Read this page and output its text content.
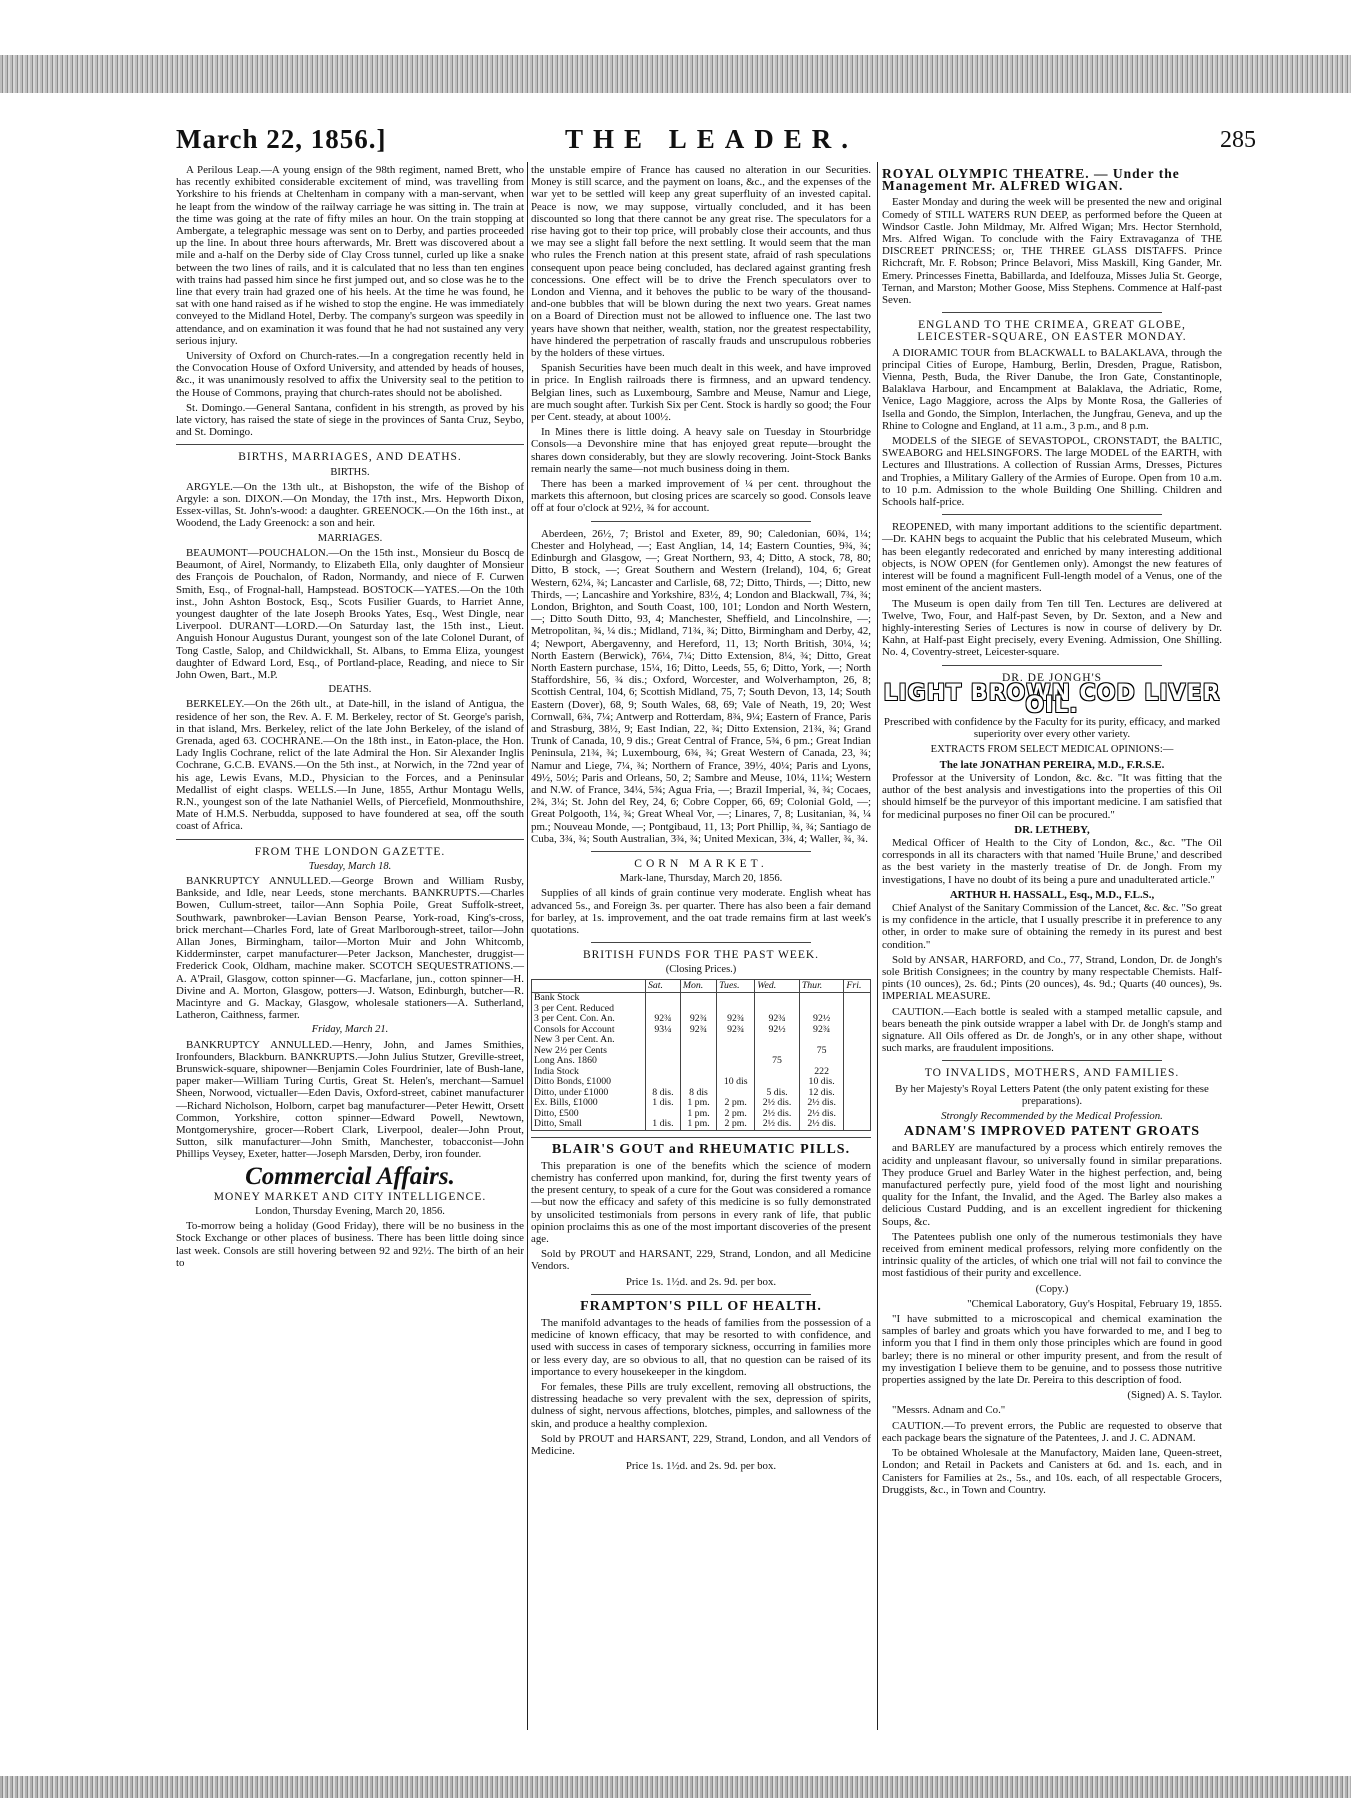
March 22, 1856.]	THE LEADER.	285

A Perilous Leap.—A young ensign of the 98th regiment, named Brett, who has recently exhibited considerable excitement of mind, was travelling from Yorkshire to his friends at Cheltenham in company with a man-servant, when he leapt from the window of the railway carriage he was sitting in. The train at the time was going at the rate of fifty miles an hour. On the train stopping at Ambergate, a telegraphic message was sent on to Derby, and parties proceeded up the line. In about three hours afterwards, Mr. Brett was discovered about a mile and a-half on the Derby side of Clay Cross tunnel, curled up like a snake between the two lines of rails, and it is calculated that no less than ten engines with trains had passed him since he first jumped out, and so close was he to the line that every train had grazed one of his heels. At the time he was found, he sat with one hand raised as if he wished to stop the engine. He was immediately conveyed to the Midland Hotel, Derby. The company's surgeon was speedily in attendance, and on examination it was found that he had not sustained any very serious injury.

University of Oxford on Church-rates.—In a congregation recently held in the Convocation House of Oxford University, and attended by heads of houses, &c., it was unanimously resolved to affix the University seal to the petition to the House of Commons, praying that church-rates should not be abolished.

St. Domingo.—General Santana, confident in his strength, as proved by his late victory, has raised the state of siege in the provinces of Santa Cruz, Seybo, and St. Domingo.

BIRTHS, MARRIAGES, AND DEATHS.
BIRTHS.

ARGYLE.—On the 13th ult., at Bishopston, the wife of the Bishop of Argyle: a son. DIXON.—On Monday, the 17th inst., Mrs. Hepworth Dixon, Essex-villas, St. John's-wood: a daughter. GREENOCK.—On the 16th inst., at Woodend, the Lady Greenock: a son and heir.

MARRIAGES.

BEAUMONT—POUCHALON.—On the 15th inst., Monsieur du Boscq de Beaumont, of Airel, Normandy, to Elizabeth Ella, only daughter of Monsieur des François de Pouchalon, of Radon, Normandy, and niece of F. Curwen Smith, Esq., of Frognal-hall, Hampstead. BOSTOCK—YATES.—On the 10th inst., John Ashton Bostock, Esq., Scots Fusilier Guards, to Harriet Anne, youngest daughter of the late Joseph Brooks Yates, Esq., West Dingle, near Liverpool. DURANT—LORD.—On Saturday last, the 15th inst., Lieut. Anguish Honour Augustus Durant, youngest son of the late Colonel Durant, of Tong Castle, Salop, and Childwickhall, St. Albans, to Emma Eliza, youngest daughter of Edward Lord, Esq., of Portland-place, Reading, and niece to Sir John Owen, Bart., M.P.

DEATHS.

BERKELEY.—On the 26th ult., at Date-hill, in the island of Antigua, the residence of her son, the Rev. A. F. M. Berkeley, rector of St. George's parish, in that island, Mrs. Berkeley, relict of the late John Berkeley, of the island of Grenada, aged 63. COCHRANE.—On the 18th inst., in Eaton-place, the Hon. Lady Inglis Cochrane, relict of the late Admiral the Hon. Sir Alexander Inglis Cochrane, G.C.B. EVANS.—On the 5th inst., at Norwich, in the 72nd year of his age, Lewis Evans, M.D., Physician to the Forces, and a Peninsular Medallist of eight clasps. WELLS.—In June, 1855, Arthur Montagu Wells, R.N., youngest son of the late Nathaniel Wells, of Piercefield, Monmouthshire, Mate of H.M.S. Nerbudda, supposed to have foundered at sea, off the south coast of Africa.

FROM THE LONDON GAZETTE.
Tuesday, March 18.

BANKRUPTCY ANNULLED.—George Brown and William Rusby, Bankside, and Idle, near Leeds, stone merchants. BANKRUPTS.—Charles Bowen, Cullum-street, tailor—Ann Sophia Poile, Great Suffolk-street, Southwark, pawnbroker—Lavian Benson Pearse, York-road, King's-cross, brick merchant—Charles Ford, late of Great Marlborough-street, tailor—John Allan Jones, Birmingham, tailor—Morton Muir and John Whitcomb, Kidderminster, carpet manufacturer—Peter Jackson, Manchester, druggist—Frederick Cook, Oldham, machine maker. SCOTCH SEQUESTRATIONS.—A. A'Prail, Glasgow, cotton spinner—G. Macfarlane, jun., cotton spinner—H. Divine and A. Morton, Glasgow, potters—J. Watson, Edinburgh, butcher—R. Macintyre and G. Mackay, Glasgow, wholesale stationers—A. Sutherland, Latheron, Caithness, farmer.

Friday, March 21.

BANKRUPTCY ANNULLED.—Henry, John, and James Smithies, Ironfounders, Blackburn. BANKRUPTS.—John Julius Stutzer, Greville-street, Brunswick-square, shipowner—Benjamin Coles Fourdrinier, late of Bush-lane, paper maker—William Turing Curtis, Great St. Helen's, merchant—Samuel Sheen, Norwood, victualler—Eden Davis, Oxford-street, cabinet manufacturer—Richard Nicholson, Holborn, carpet bag manufacturer—Peter Hewitt, Orsett Common, Yorkshire, cotton spinner—Edward Powell, Newtown, Montgomeryshire, grocer—Robert Clark, Liverpool, dealer—John Prout, Sutton, silk manufacturer—John Smith, Manchester, tobacconist—John Phillips Veysey, Exeter, hatter—Joseph Marsden, Derby, iron founder.

Commercial Affairs.
MONEY MARKET AND CITY INTELLIGENCE.
London, Thursday Evening, March 20, 1856.

To-morrow being a holiday (Good Friday), there will be no business in the Stock Exchange or other places of business. There has been little doing since last week. Consols are still hovering between 92 and 92½. The birth of an heir to

the unstable empire of France has caused no alteration in our Securities. Money is still scarce, and the payment on loans, &c., and the expenses of the war yet to be settled will keep any great superfluity of an invested capital. Peace is now, we may suppose, virtually concluded, and it has been discounted so long that there cannot be any great rise. The speculators for a rise having got to their top price, will probably close their accounts, and thus we may see a slight fall before the next settling. It would seem that the man who rules the French nation at this present state, afraid of rash speculations consequent upon peace being concluded, has declared against granting fresh concessions. One effect will be to drive the French speculators over to London and Vienna, and it behoves the public to be wary of the thousand-and-one bubbles that will be blown during the next two years. Great names on a Board of Direction must not be allowed to influence one. The last two years have shown that neither, wealth, station, nor the greatest respectability, have hindered the perpetration of rascally frauds and unscrupulous robberies by the holders of these virtues.

Spanish Securities have been much dealt in this week, and have improved in price. In English railroads there is firmness, and an upward tendency. Belgian lines, such as Luxembourg, Sambre and Meuse, Namur and Liege, are much sought after. Turkish Six per Cent. Stock is hardly so good; the Four per Cent. steady, at about 100½.

In Mines there is little doing. A heavy sale on Tuesday in Stourbridge Consols—a Devonshire mine that has enjoyed great repute—brought the shares down considerably, but they are slowly recovering. Joint-Stock Banks remain nearly the same—not much business doing in them.

There has been a marked improvement of ¼ per cent. throughout the markets this afternoon, but closing prices are scarcely so good. Consols leave off at four o'clock at 92½, ¾ for account.

Aberdeen, 26½, 7; Bristol and Exeter, 89, 90; Caledonian, 60¾, 1¼; Chester and Holyhead, —; East Anglian, 14, 14; Eastern Counties, 9¾, ¾; Edinburgh and Glasgow, —; Great Northern, 93, 4; Ditto, A stock, 78, 80; Ditto, B stock, —; Great Southern and Western (Ireland), 104, 6; Great Western, 62¼, ¾; Lancaster and Carlisle, 68, 72; Ditto, Thirds, —; Ditto, new Thirds, —; Lancashire and Yorkshire, 83½, 4; London and Blackwall, 7¾, ¾; London, Brighton, and South Coast, 100, 101; London and North Western, —; Ditto South Ditto, 93, 4; Manchester, Sheffield, and Lincolnshire, —; Metropolitan, ¾, ¼ dis.; Midland, 71¾, ¾; Ditto, Birmingham and Derby, 42, 4; Newport, Abergavenny, and Hereford, 11, 13; North British, 30¼, ¼; North Eastern (Berwick), 76¼, 7¼; Ditto Extension, 8¼, ¾; Ditto, Great North Eastern purchase, 15¼, 16; Ditto, Leeds, 55, 6; Ditto, York, —; North Staffordshire, 56, ¾ dis.; Oxford, Worcester, and Wolverhampton, 26, 8; Scottish Central, 104, 6; Scottish Midland, 75, 7; South Devon, 13, 14; South Eastern (Dover), 68, 9; South Wales, 68, 69; Vale of Neath, 19, 20; West Cornwall, 6¾, 7¼; Antwerp and Rotterdam, 8¾, 9¼; Eastern of France, Paris and Strasburg, 38½, 9; East Indian, 22, ¾; Ditto Extension, 21¾, ¾; Grand Trunk of Canada, 10, 9 dis.; Great Central of France, 5¾, 6 pm.; Great Indian Peninsula, 21¾, ¾; Luxembourg, 6¾, ¾; Great Western of Canada, 23, ¾; Namur and Liege, 7¼, ¾; Northern of France, 39½, 40¼; Paris and Lyons, 49½, 50½; Paris and Orleans, 50, 2; Sambre and Meuse, 10¼, 11¼; Western and N.W. of France, 34¼, 5¾; Agua Fria, —; Brazil Imperial, ¾, ¾; Cocaes, 2¾, 3¼; St. John del Rey, 24, 6; Cobre Copper, 66, 69; Colonial Gold, —; Great Polgooth, 1¼, ¾; Great Wheal Vor, —; Linares, 7, 8; Lusitanian, ¾, ¼ pm.; Nouveau Monde, —; Pontgibaud, 11, 13; Port Phillip, ¾, ¾; Santiago de Cuba, 3¾, ¾; South Australian, 3¾, ¾; United Mexican, 3¾, 4; Waller, ¾, ¾.

CORN MARKET.
Mark-lane, Thursday, March 20, 1856.

Supplies of all kinds of grain continue very moderate. English wheat has advanced 5s., and Foreign 3s. per quarter. There has also been a fair demand for barley, at 1s. improvement, and the oat trade remains firm at last week's quotations.

BRITISH FUNDS FOR THE PAST WEEK.
(Closing Prices.)
	Sat.	Mon.	Tues.	Wed.	Thur.	Fri.
Bank Stock						
3 per Cent. Reduced						
3 per Cent. Con. An.	92¾	92¾	92¾	92¾	92½	
Consols for Account	93¼	92¾	92¾	92½	92¾	
New 3 per Cent. An.						
New 2½ per Cents					75	
Long Ans. 1860				75		
India Stock					222	
Ditto Bonds, £1000			10 dis		10 dis.	
Ditto, under £1000	8 dis.	8 dis		5 dis.	12 dis.	
Ex. Bills, £1000	1 dis.	1 pm.	2 pm.	2½ dis.	2½ dis.	
Ditto, £500		1 pm.	2 pm.	2½ dis.	2½ dis.	
Ditto, Small	1 dis.	1 pm.	2 pm.	2½ dis.	2½ dis.	
BLAIR'S GOUT and RHEUMATIC PILLS.

This preparation is one of the benefits which the science of modern chemistry has conferred upon mankind, for, during the first twenty years of the present century, to speak of a cure for the Gout was considered a romance—but now the efficacy and safety of this medicine is so fully demonstrated by unsolicited testimonials from persons in every rank of life, that public opinion proclaims this as one of the most important discoveries of the present age.

Sold by PROUT and HARSANT, 229, Strand, London, and all Medicine Vendors.

Price 1s. 1½d. and 2s. 9d. per box.

FRAMPTON'S PILL OF HEALTH.

The manifold advantages to the heads of families from the possession of a medicine of known efficacy, that may be resorted to with confidence, and used with success in cases of temporary sickness, occurring in families more or less every day, are so obvious to all, that no question can be raised of its importance to every housekeeper in the kingdom.

For females, these Pills are truly excellent, removing all obstructions, the distressing headache so very prevalent with the sex, depression of spirits, dulness of sight, nervous affections, blotches, pimples, and sallowness of the skin, and produce a healthy complexion.

Sold by PROUT and HARSANT, 229, Strand, London, and all Vendors of Medicine.

Price 1s. 1½d. and 2s. 9d. per box.

ROYAL OLYMPIC THEATRE. — Under the Management Mr. ALFRED WIGAN.

Easter Monday and during the week will be presented the new and original Comedy of STILL WATERS RUN DEEP, as performed before the Queen at Windsor Castle. John Mildmay, Mr. Alfred Wigan; Mrs. Hector Sternhold, Mrs. Alfred Wigan. To conclude with the Fairy Extravaganza of THE DISCREET PRINCESS; or, THE THREE GLASS DISTAFFS. Prince Richcraft, Mr. F. Robson; Prince Belavori, Miss Maskill, King Gander, Mr. Emery. Princesses Finetta, Babillarda, and Idelfouza, Misses Julia St. George, Ternan, and Marston; Mother Goose, Miss Stephens. Commence at Half-past Seven.

ENGLAND TO THE CRIMEA, GREAT GLOBE, LEICESTER-SQUARE, ON EASTER MONDAY.

A DIORAMIC TOUR from BLACKWALL to BALAKLAVA, through the principal Cities of Europe, Hamburg, Berlin, Dresden, Prague, Ratisbon, Vienna, Pesth, Buda, the River Danube, the Iron Gate, Constantinople, Balaklava Harbour, and Encampment at Balaklava, the Adriatic, Rome, Venice, Lago Maggiore, across the Alps by Monte Rosa, the Galleries of Isella and Gondo, the Simplon, Interlachen, the Jungfrau, Geneva, and up the Rhine to Cologne and England, at 11 a.m., 3 p.m., and 8 p.m.

MODELS of the SIEGE of SEVASTOPOL, CRONSTADT, the BALTIC, SWEABORG and HELSINGFORS. The large MODEL of the EARTH, with Lectures and Illustrations. A collection of Russian Arms, Dresses, Pictures and Trophies, a Military Gallery of the Armies of Europe. Open from 10 a.m. to 10 p.m. Admission to the whole Building One Shilling. Children and Schools half-price.

REOPENED, with many important additions to the scientific department.—Dr. KAHN begs to acquaint the Public that his celebrated Museum, which has been elegantly redecorated and enriched by many interesting additional objects, is NOW OPEN (for Gentlemen only). Amongst the new features of interest will be found a magnificent Full-length model of a Venus, one of the most eminent of the ancient masters.

The Museum is open daily from Ten till Ten. Lectures are delivered at Twelve, Two, Four, and Half-past Seven, by Dr. Sexton, and a New and highly-interesting Series of Lectures is now in course of delivery by Dr. Kahn, at Half-past Eight precisely, every Evening. Admission, One Shilling. No. 4, Coventry-street, Leicester-square.

DR. DE JONGH'S
LIGHT BROWN COD LIVER OIL.

Prescribed with confidence by the Faculty for its purity, efficacy, and marked superiority over every other variety.

EXTRACTS FROM SELECT MEDICAL OPINIONS:—
The late JONATHAN PEREIRA, M.D., F.R.S.E.

Professor at the University of London, &c. &c. "It was fitting that the author of the best analysis and investigations into the properties of this Oil should himself be the purveyor of this important medicine. I am satisfied that for medicinal purposes no finer Oil can be procured."

DR. LETHEBY,

Medical Officer of Health to the City of London, &c., &c. "The Oil corresponds in all its characters with that named 'Huile Brune,' and described as the best variety in the masterly treatise of Dr. de Jongh. From my investigations, I have no doubt of its being a pure and unadulterated article."

ARTHUR H. HASSALL, Esq., M.D., F.L.S.,

Chief Analyst of the Sanitary Commission of the Lancet, &c. &c. "So great is my confidence in the article, that I usually prescribe it in preference to any other, in order to make sure of obtaining the remedy in its purest and best condition."

Sold by ANSAR, HARFORD, and Co., 77, Strand, London, Dr. de Jongh's sole British Consignees; in the country by many respectable Chemists. Half-pints (10 ounces), 2s. 6d.; Pints (20 ounces), 4s. 9d.; Quarts (40 ounces), 9s. IMPERIAL MEASURE.

CAUTION.—Each bottle is sealed with a stamped metallic capsule, and bears beneath the pink outside wrapper a label with Dr. de Jongh's stamp and signature. All Oils offered as Dr. de Jongh's, or in any other shape, without such marks, are fraudulent impositions.

TO INVALIDS, MOTHERS, AND FAMILIES.

By her Majesty's Royal Letters Patent (the only patent existing for these preparations).

Strongly Recommended by the Medical Profession.

ADNAM'S IMPROVED PATENT GROATS

and BARLEY are manufactured by a process which entirely removes the acidity and unpleasant flavour, so universally found in similar preparations. They produce Gruel and Barley Water in the highest perfection, and, being manufactured perfectly pure, yield food of the most light and nourishing quality for the Infant, the Invalid, and the Aged. The Barley also makes a delicious Custard Pudding, and is an excellent ingredient for thickening Soups, &c.

The Patentees publish one only of the numerous testimonials they have received from eminent medical professors, relying more confidently on the intrinsic quality of the articles, of which one trial will not fail to convince the most fastidious of their purity and excellence.

(Copy.)

"Chemical Laboratory, Guy's Hospital, February 19, 1855.

"I have submitted to a microscopical and chemical examination the samples of barley and groats which you have forwarded to me, and I beg to inform you that I find in them only those principles which are found in good barley; there is no mineral or other impurity present, and from the result of my investigation I believe them to be genuine, and to possess those nutritive properties assigned by the late Dr. Pereira to this description of food.

(Signed) A. S. Taylor.

"Messrs. Adnam and Co."

CAUTION.—To prevent errors, the Public are requested to observe that each package bears the signature of the Patentees, J. and J. C. ADNAM.

To be obtained Wholesale at the Manufactory, Maiden lane, Queen-street, London; and Retail in Packets and Canisters at 6d. and 1s. each, and in Canisters for Families at 2s., 5s., and 10s. each, of all respectable Grocers, Druggists, &c., in Town and Country.
